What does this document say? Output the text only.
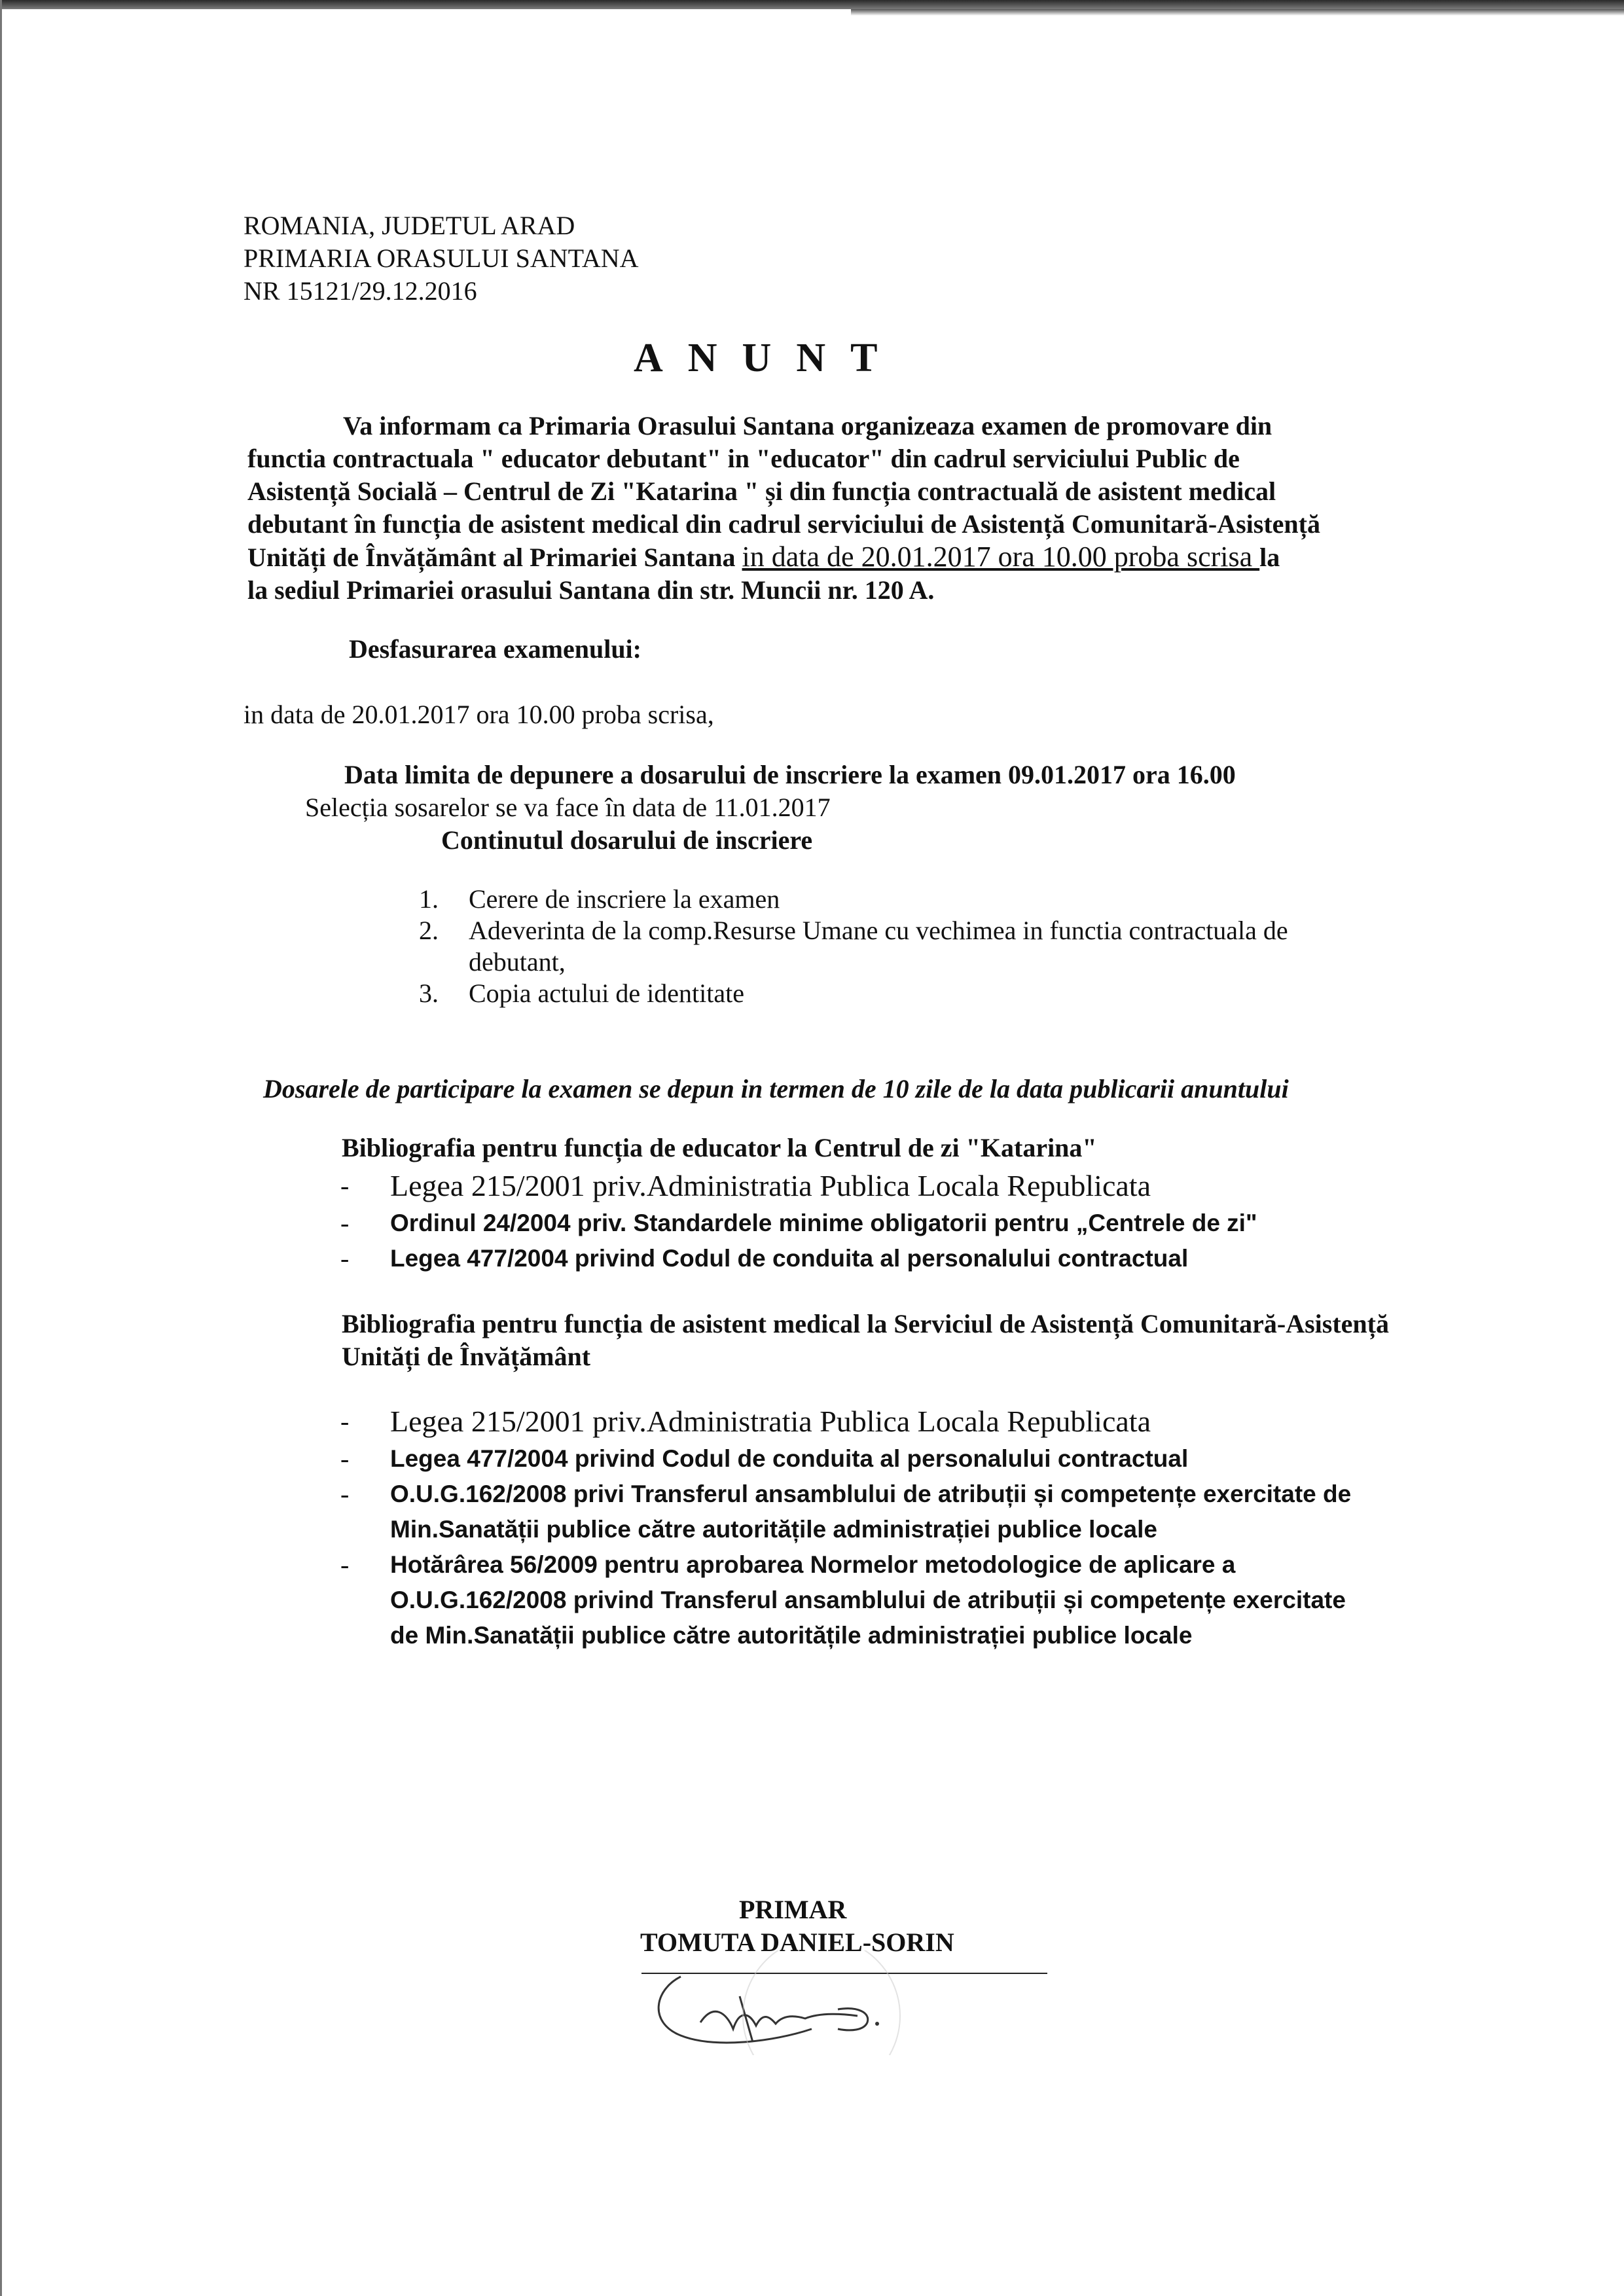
ROMANIA, JUDETUL ARAD
PRIMARIA ORASULUI SANTANA
NR 15121/29.12.2016
ANUNT
Va informam ca Primaria Orasului Santana organizeaza examen de promovare din
functia contractuala " educator debutant" in "educator" din cadrul serviciului Public de
Asistență Socială – Centrul de Zi "Katarina " și din funcția contractuală de asistent medical
debutant în funcția de asistent medical din cadrul serviciului de Asistență Comunitară-Asistență
Unități de Învățământ al Primariei Santana in data de 20.01.2017 ora 10.00 proba scrisa la
la sediul Primariei orasului Santana din str. Muncii nr. 120 A.
Desfasurarea examenului:
in data de 20.01.2017 ora 10.00 proba scrisa,
Data limita de depunere a dosarului de inscriere la examen 09.01.2017 ora 16.00
Selecția sosarelor se va face în data de 11.01.2017
Continutul dosarului de inscriere
1. Cerere de inscriere la examen
2. Adeverinta de la comp.Resurse Umane cu vechimea in functia contractuala de debutant,
3. Copia actului de identitate
Dosarele de participare la examen se depun in termen de 10 zile de la data publicarii anuntului
Bibliografia pentru funcția de educator la Centrul de zi "Katarina"
- Legea 215/2001 priv.Administratia Publica Locala Republicata
- Ordinul 24/2004 priv. Standardele minime obligatorii pentru „Centrele de zi"
- Legea 477/2004 privind Codul de conduita al personalului contractual
Bibliografia pentru funcția de asistent medical la Serviciul de Asistență Comunitară-Asistență Unități de Învățământ
- Legea 215/2001 priv.Administratia Publica Locala Republicata
- Legea 477/2004 privind Codul de conduita al personalului contractual
- O.U.G.162/2008 privi Transferul ansamblului de atribuții și competențe exercitate de Min.Sanatății publice către autoritățile administrației publice locale
- Hotărârea 56/2009 pentru aprobarea Normelor metodologice de aplicare a O.U.G.162/2008 privind Transferul ansamblului de atribuții și competențe exercitate de Min.Sanatății publice către autoritățile administrației publice locale
PRIMAR
TOMUTA DANIEL-SORIN
